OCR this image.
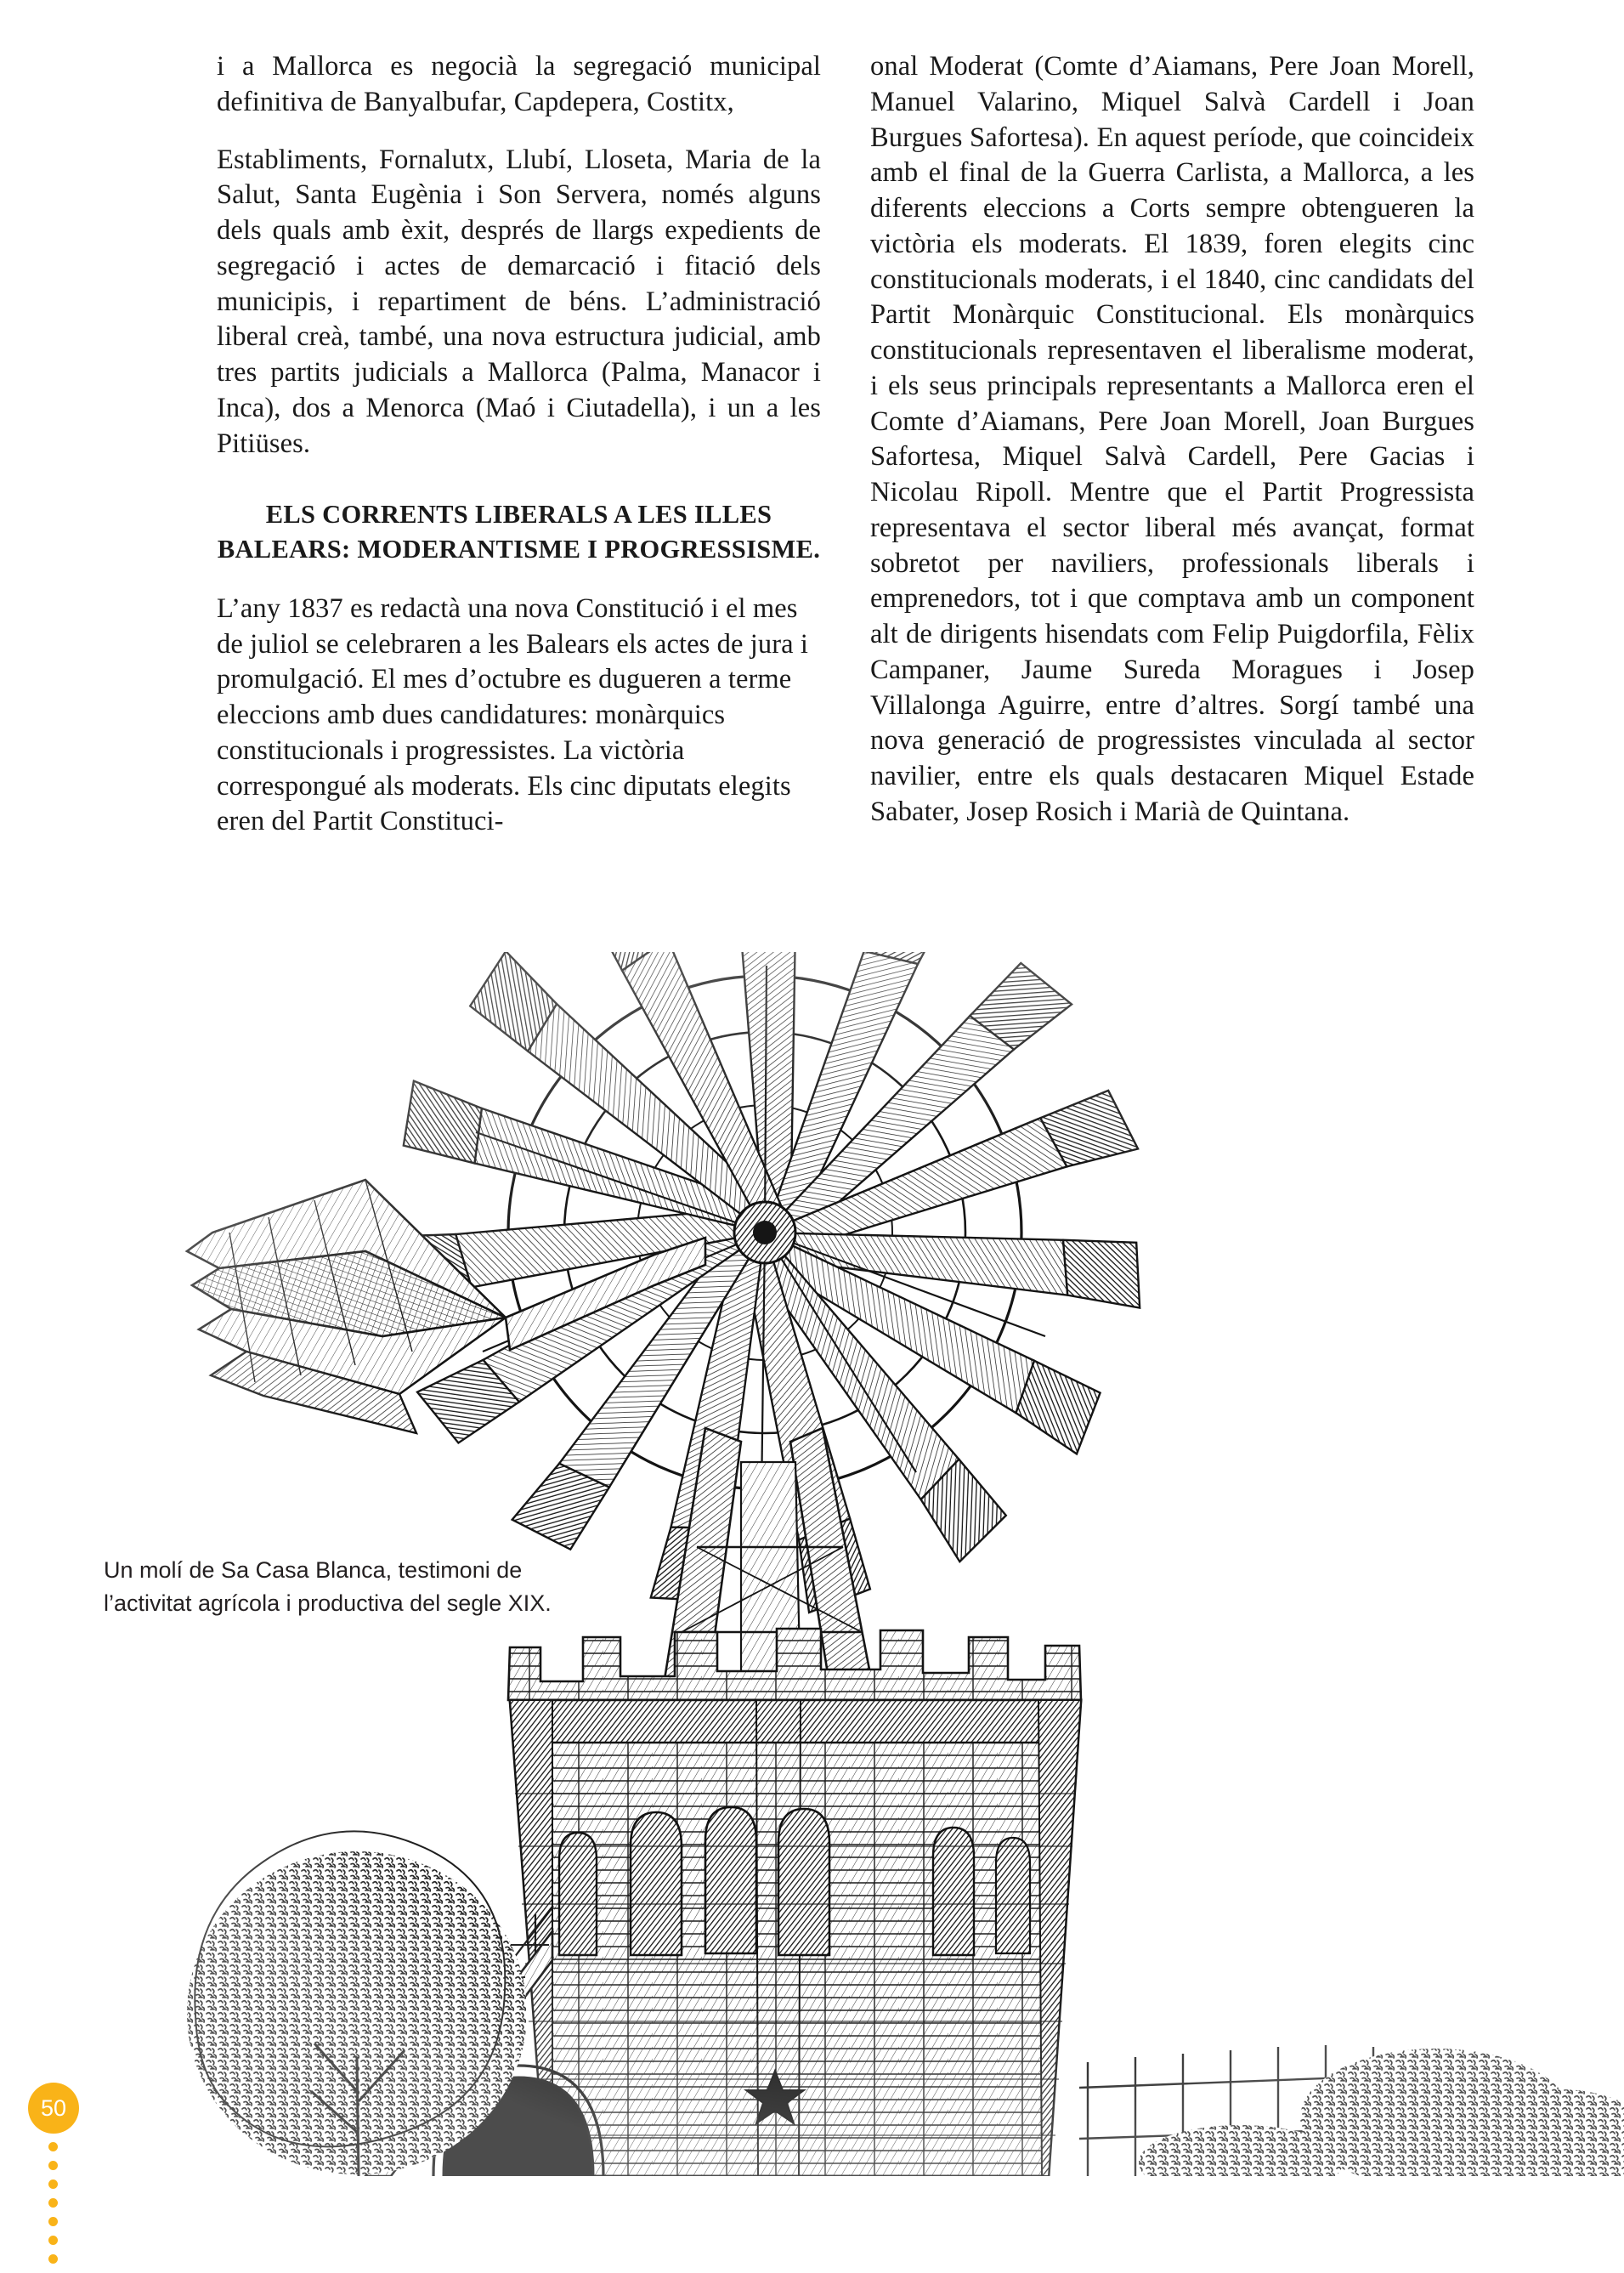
i a Mallorca es negocià la segregació municipal definitiva de Banyalbufar, Capdepera, Costitx,

Establiments, Fornalutx, Llubí, Lloseta, Maria de la Salut, Santa Eugènia i Son Servera, només alguns dels quals amb èxit, després de llargs expedients de segregació i actes de demarcació i fitació dels municipis, i repartiment de béns. L’administració liberal creà, també, una nova estructura judicial, amb tres partits judicials a Mallorca (Palma, Manacor i Inca), dos a Menorca (Maó i Ciutadella), i un a les Pitiüses.

ELS CORRENTS LIBERALS A LES ILLES BALEARS: MODERANTISME I PROGRESSISME.

L’any 1837 es redactà una nova Constitució i el mes de juliol se celebraren a les Balears els actes de jura i promulgació. El mes d’octubre es dugueren a terme eleccions amb dues candidatures: monàrquics constitucionals i progressistes. La victòria correspongué als moderats. Els cinc diputats elegits eren del Partit Constituci-

onal Moderat (Comte d’Aiamans, Pere Joan Morell, Manuel Valarino, Miquel Salvà Cardell i Joan Burgues Safortesa). En aquest període, que coincideix amb el final de la Guerra Carlista, a Mallorca, a les diferents eleccions a Corts sempre obtengueren la victòria els moderats. El 1839, foren elegits cinc constitucionals moderats, i el 1840, cinc candidats del Partit Monàrquic Constitucional. Els monàrquics constitucionals representaven el liberalisme moderat, i els seus principals representants a Mallorca eren el Comte d’Aiamans, Pere Joan Morell, Joan Burgues Safortesa, Miquel Salvà Cardell, Pere Gacias i Nicolau Ripoll. Mentre que el Partit Progressista representava el sector liberal més avançat, format sobretot per naviliers, professionals liberals i emprenedors, tot i que comptava amb un component alt de dirigents hisendats com Felip Puigdorfila, Fèlix Campaner, Jaume Sureda Moragues i Josep Villalonga Aguirre, entre d’altres. Sorgí també una nova generació de progressistes vinculada al sector navilier, entre els quals destacaren Miquel Estade Sabater, Josep Rosich i Marià de Quintana.

Un molí de Sa Casa Blanca, testimoni de l’activitat agrícola i productiva del segle XIX.
50
